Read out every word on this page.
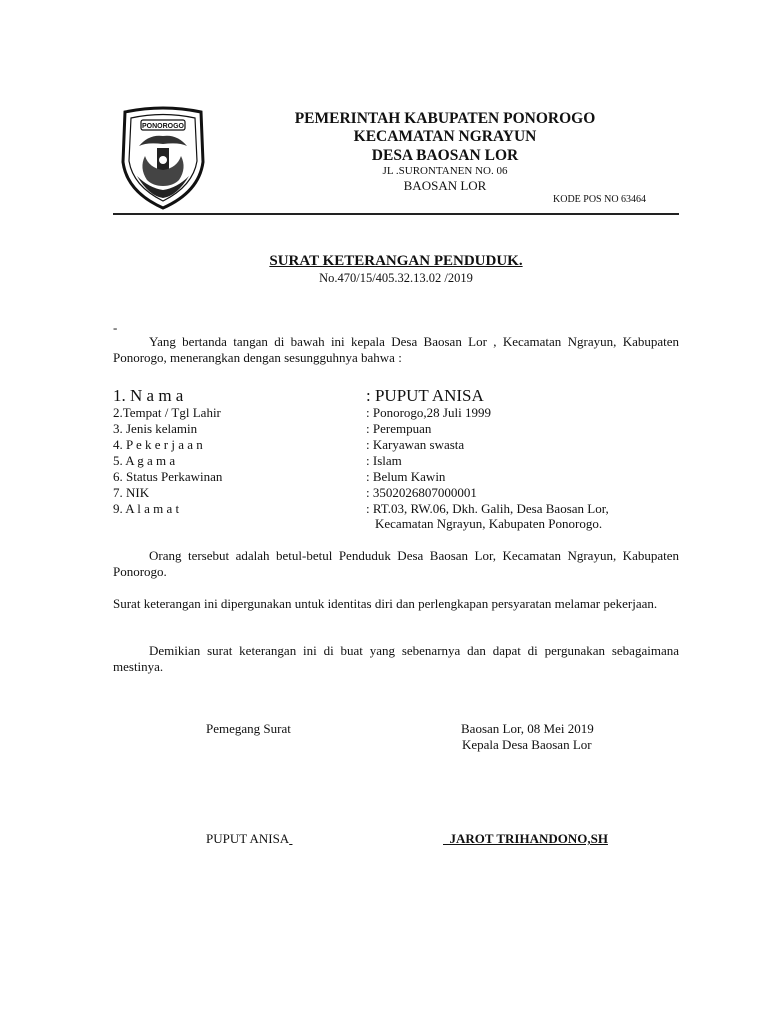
PONOROGO	PEMERINTAH KABUPATEN PONOROGO
KECAMATAN NGRAYUN
DESA BAOSAN LOR
JL .SURONTANEN NO. 06
BAOSAN LOR
KODE POS NO 63464
SURAT KETERANGAN PENDUDUK.
No.470/15/405.32.13.02 /2019
-
Yang bertanda tangan di bawah ini kepala Desa Baosan Lor , Kecamatan Ngrayun, Kabupaten Ponorogo, menerangkan dengan sesungguhnya bahwa :
1. N a m a	: PUPUT ANISA
2.Tempat / Tgl Lahir	: Ponorogo,28 Juli 1999
3. Jenis kelamin	: Perempuan
4. P e k e r j a a n	: Karyawan swasta
5. A g a m a	: Islam
6. Status Perkawinan	: Belum Kawin
7. NIK	: 3502026807000001
9. A l a m a t	: RT.03, RW.06, Dkh. Galih, Desa Baosan Lor,
Kecamatan Ngrayun, Kabupaten Ponorogo.
Orang tersebut adalah betul-betul Penduduk Desa Baosan Lor, Kecamatan Ngrayun, Kabupaten Ponorogo.
Surat keterangan ini dipergunakan untuk identitas diri dan perlengkapan persyaratan melamar pekerjaan.
Demikian surat keterangan ini di buat yang sebenarnya dan dapat di pergunakan sebagaimana mestinya.
Pemegang Surat	Baosan Lor, 08 Mei 2019
Kepala Desa Baosan Lor
PUPUT ANISA	JAROT TRIHANDONO,SH
